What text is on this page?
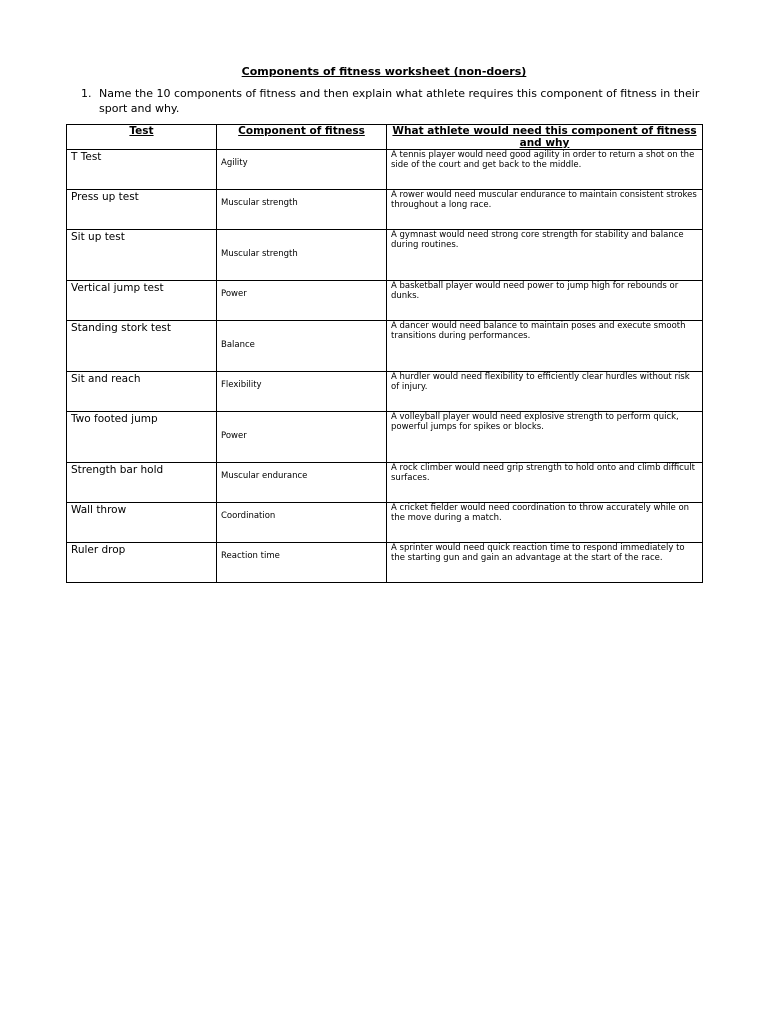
Components of fitness worksheet (non-doers)
1. Name the 10 components of fitness and then explain what athlete requires this component of fitness in their sport and why.
Test	Component of fitness	What athlete would need this component of fitness and why
T Test	Agility	A tennis player would need good agility in order to return a shot on the side of the court and get back to the middle.
Press up test	Muscular strength	A rower would need muscular endurance to maintain consistent strokes throughout a long race.
Sit up test	Muscular strength	A gymnast would need strong core strength for stability and balance during routines.
Vertical jump test	Power	A basketball player would need power to jump high for rebounds or dunks.
Standing stork test	Balance	A dancer would need balance to maintain poses and execute smooth transitions during performances.
Sit and reach	Flexibility	A hurdler would need flexibility to efficiently clear hurdles without risk of injury.
Two footed jump	Power	A volleyball player would need explosive strength to perform quick, powerful jumps for spikes or blocks.
Strength bar hold	Muscular endurance	A rock climber would need grip strength to hold onto and climb difficult surfaces.
Wall throw	Coordination	A cricket fielder would need coordination to throw accurately while on the move during a match.
Ruler drop	Reaction time	A sprinter would need quick reaction time to respond immediately to the starting gun and gain an advantage at the start of the race.
